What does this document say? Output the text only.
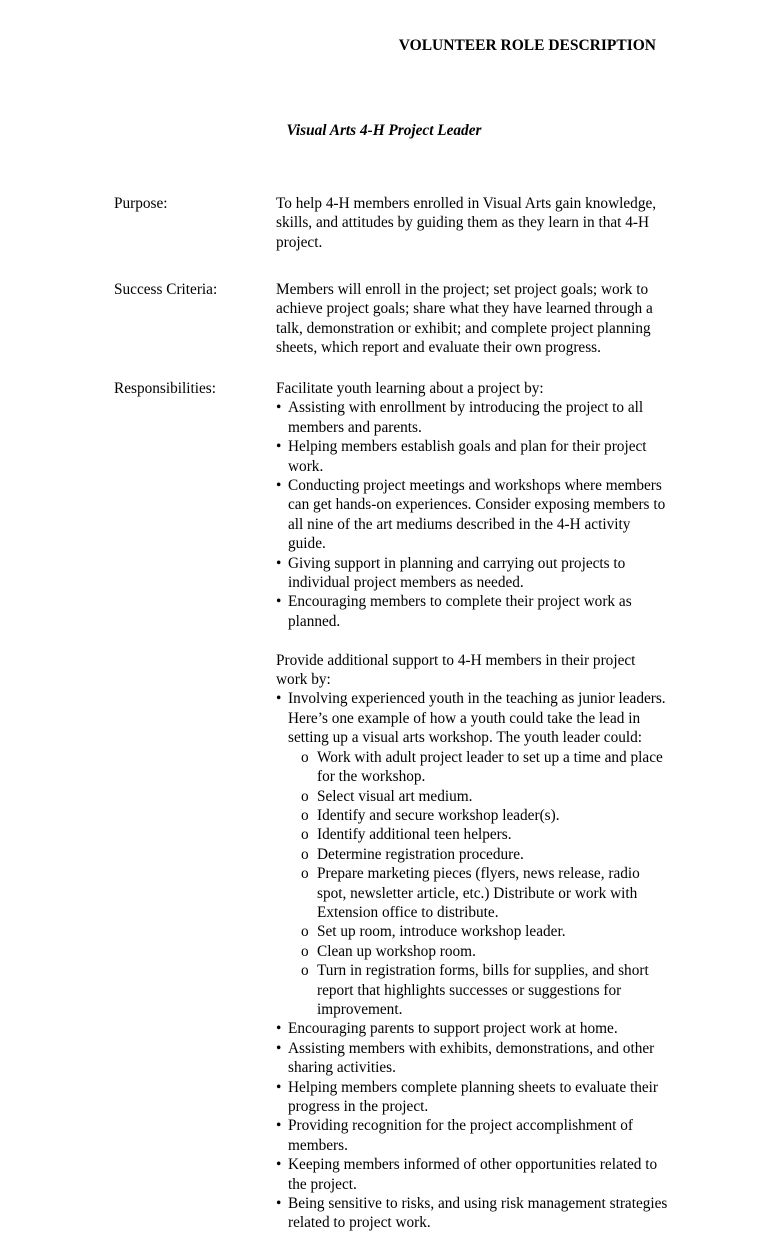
VOLUNTEER ROLE DESCRIPTION
Visual Arts 4-H Project Leader
Purpose:	To help 4-H members enrolled in Visual Arts gain knowledge, skills, and attitudes by guiding them as they learn in that 4-H project.

Success Criteria:	Members will enroll in the project; set project goals; work to achieve project goals; share what they have learned through a talk, demonstration or exhibit; and complete project planning sheets, which report and evaluate their own progress.

Responsibilities:	Facilitate youth learning about a project by:

• Assisting with enrollment by introducing the project to all members and parents.
• Helping members establish goals and plan for their project work.
• Conducting project meetings and workshops where members can get hands-on experiences. Consider exposing members to all nine of the art mediums described in the 4-H activity guide.
• Giving support in planning and carrying out projects to individual project members as needed.
• Encouraging members to complete their project work as planned.

Provide additional support to 4-H members in their project work by:

• Involving experienced youth in the teaching as junior leaders. Here’s one example of how a youth could take the lead in setting up a visual arts workshop. The youth leader could:
o Work with adult project leader to set up a time and place for the workshop.
o Select visual art medium.
o Identify and secure workshop leader(s).
o Identify additional teen helpers.
o Determine registration procedure.
o Prepare marketing pieces (flyers, news release, radio spot, newsletter article, etc.) Distribute or work with Extension office to distribute.
o Set up room, introduce workshop leader.
o Clean up workshop room.
o Turn in registration forms, bills for supplies, and short report that highlights successes or suggestions for improvement.
• Encouraging parents to support project work at home.
• Assisting members with exhibits, demonstrations, and other sharing activities.
• Helping members complete planning sheets to evaluate their progress in the project.
• Providing recognition for the project accomplishment of members.
• Keeping members informed of other opportunities related to the project.
• Being sensitive to risks, and using risk management strategies related to project work.
